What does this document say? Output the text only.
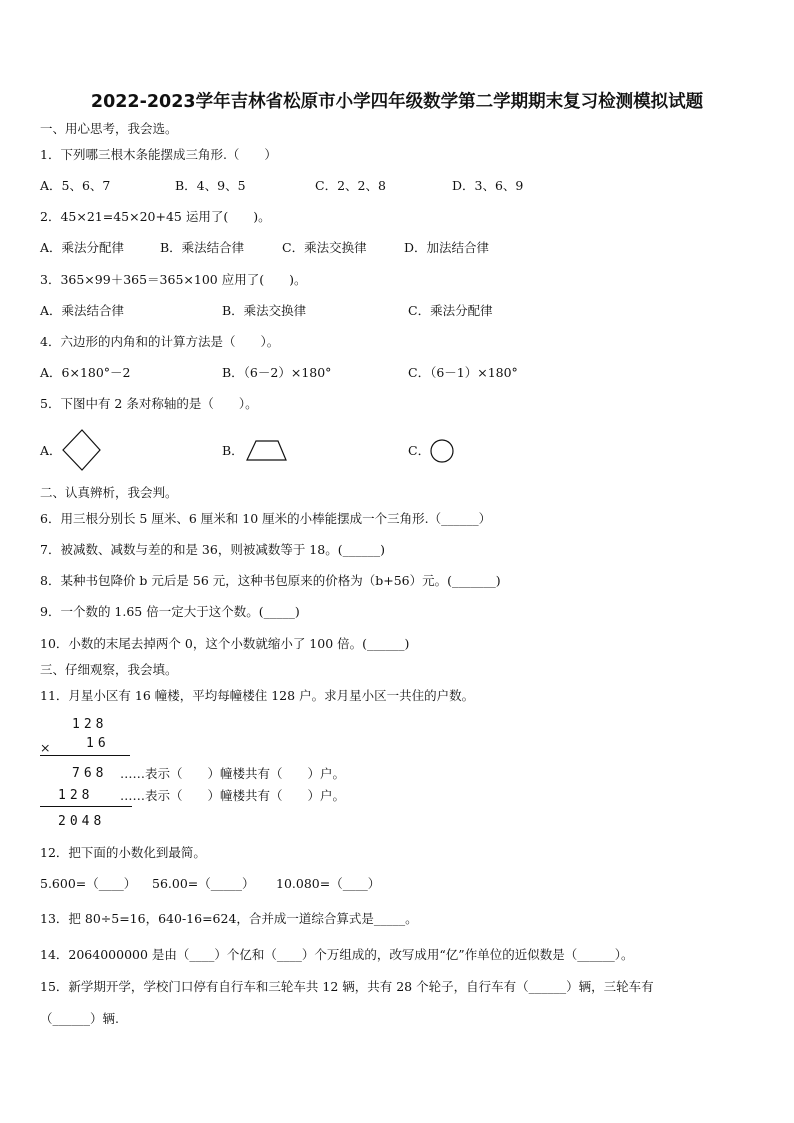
2022-2023学年吉林省松原市小学四年级数学第二学期期末复习检测模拟试题
一、用心思考，我会选。
1．下列哪三根木条能摆成三角形.（　　）
A．5、6、7	B．4、9、5	C．2、2、8	D．3、6、9
2．45×21=45×20+45 运用了(　　)。
A．乘法分配律	B．乘法结合律	C．乘法交换律	D．加法结合律
3．365×99＋365＝365×100 应用了(　　)。
A．乘法结合律	B．乘法交换律	C．乘法分配律
4．六边形的内角和的计算方法是（　　）。
A．6×180°－2	B．（6－2）×180°	C．（6－1）×180°
5．下图中有 2 条对称轴的是（　　）。
A．	B．	C．
二、认真辨析，我会判。
6．用三根分别长 5 厘米、6 厘米和 10 厘米的小棒能摆成一个三角形.（______）
7．被减数、减数与差的和是 36，则被减数等于 18。(______)
8．某种书包降价 b 元后是 56 元，这种书包原来的价格为（b+56）元。(_______)
9．一个数的 1.65 倍一定大于这个数。(_____)
10．小数的末尾去掉两个 0，这个小数就缩小了 100 倍。(______)
三、仔细观察，我会填。
11．月星小区有 16 幢楼，平均每幢楼住 128 户。求月星小区一共住的户数。
128
×	16
768 ……表示（　　）幢楼共有（　　）户。
128 ……表示（　　）幢楼共有（　　）户。
2048
12．把下面的小数化到最简。
5.600=（____） 56.00=（_____） 10.080=（____）
13．把 80÷5=16，640-16=624，合并成一道综合算式是_____。
14．2064000000 是由（____）个亿和（____）个万组成的，改写成用“亿”作单位的近似数是（______）。
15．新学期开学，学校门口停有自行车和三轮车共 12 辆，共有 28 个轮子，自行车有（______）辆，三轮车有
（______）辆.
